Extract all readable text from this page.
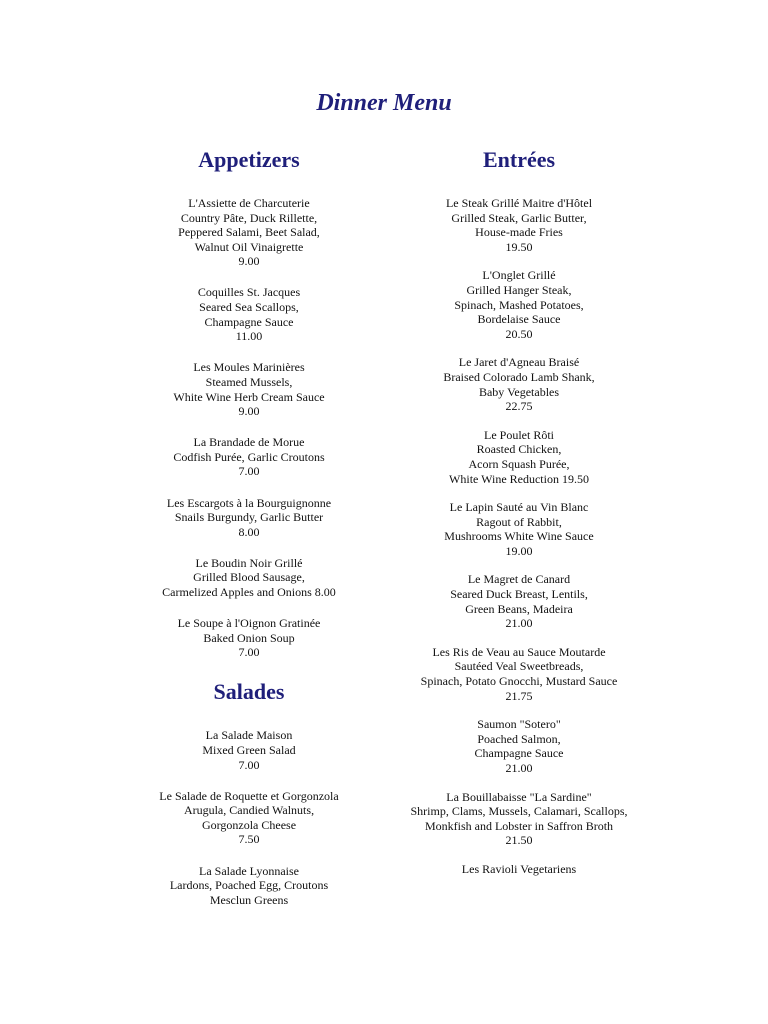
Dinner Menu
Appetizers
L'Assiette de Charcuterie
Country Pâte, Duck Rillette,
Peppered Salami, Beet Salad,
Walnut Oil Vinaigrette
9.00
Coquilles St. Jacques
Seared Sea Scallops,
Champagne Sauce
11.00
Les Moules Marinières
Steamed Mussels,
White Wine Herb Cream Sauce
9.00
La Brandade de Morue
Codfish Purée, Garlic Croutons
7.00
Les Escargots à la Bourguignonne
Snails Burgundy, Garlic Butter
8.00
Le Boudin Noir Grillé
Grilled Blood Sausage,
Carmelized Apples and Onions 8.00
Le Soupe à l'Oignon Gratinée
Baked Onion Soup
7.00
Salades
La Salade Maison
Mixed Green Salad
7.00
Le Salade de Roquette et Gorgonzola
Arugula, Candied Walnuts,
Gorgonzola Cheese
7.50
La Salade Lyonnaise
Lardons, Poached Egg, Croutons
Mesclun Greens
Entrées
Le Steak Grillé Maitre d'Hôtel
Grilled Steak, Garlic Butter,
House-made Fries
19.50
L'Onglet Grillé
Grilled Hanger Steak,
Spinach, Mashed Potatoes,
Bordelaise Sauce
20.50
Le Jaret d'Agneau Braisé
Braised Colorado Lamb Shank,
Baby Vegetables
22.75
Le Poulet Rôti
Roasted Chicken,
Acorn Squash Purée,
White Wine Reduction 19.50
Le Lapin Sauté au Vin Blanc
Ragout of Rabbit,
Mushrooms White Wine Sauce
19.00
Le Magret de Canard
Seared Duck Breast, Lentils,
Green Beans, Madeira
21.00
Les Ris de Veau au Sauce Moutarde
Sautéed Veal Sweetbreads,
Spinach, Potato Gnocchi, Mustard Sauce
21.75
Saumon "Sotero"
Poached Salmon,
Champagne Sauce
21.00
La Bouillabaisse "La Sardine"
Shrimp, Clams, Mussels, Calamari, Scallops,
Monkfish and Lobster in Saffron Broth
21.50
Les Ravioli Vegetariens
